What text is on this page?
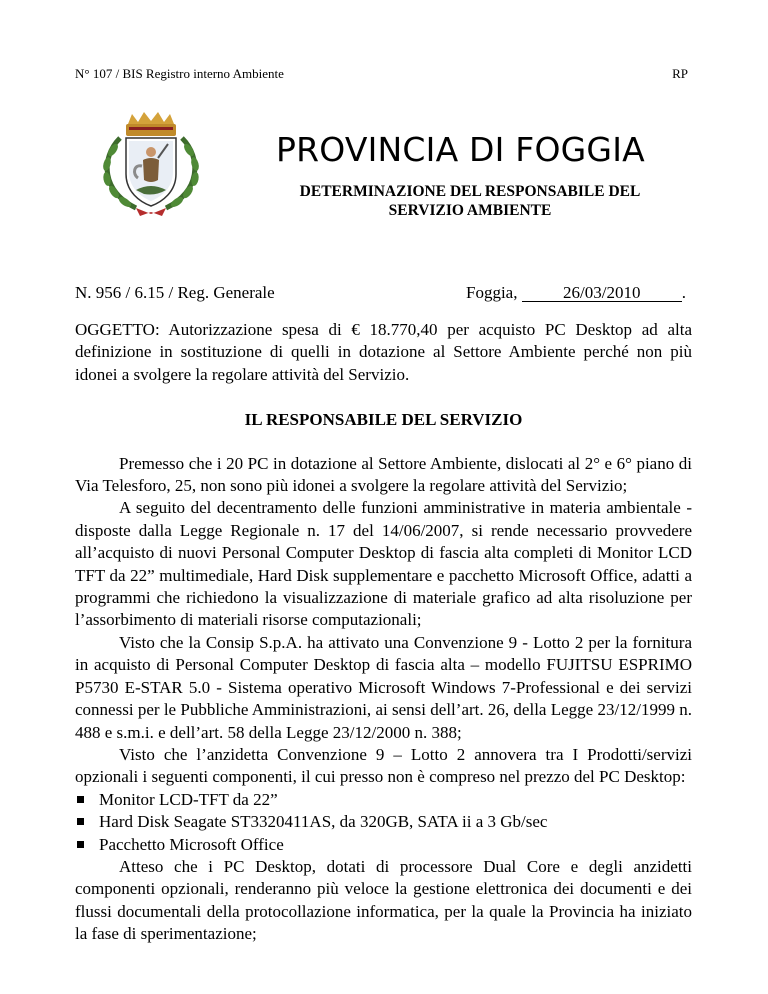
N° 107 / BIS Registro interno Ambiente	RP
PROVINCIA DI FOGGIA
DETERMINAZIONE DEL RESPONSABILE DEL
SERVIZIO AMBIENTE
N. 956 / 6.15 / Reg. Generale	Foggia, 26/03/2010 .

OGGETTO: Autorizzazione spesa di € 18.770,40 per acquisto PC Desktop ad alta definizione in sostituzione di quelli in dotazione al Settore Ambiente perché non più idonei a svolgere la regolare attività del Servizio.

IL RESPONSABILE DEL SERVIZIO

Premesso che i 20 PC in dotazione al Settore Ambiente, dislocati al 2° e 6° piano di Via Telesforo, 25, non sono più idonei a svolgere la regolare attività del Servizio;

A seguito del decentramento delle funzioni amministrative in materia ambientale - disposte dalla Legge Regionale n. 17 del 14/06/2007, si rende necessario provvedere all’acquisto di nuovi Personal Computer Desktop di fascia alta completi di Monitor LCD TFT da 22” multimediale, Hard Disk supplementare e pacchetto Microsoft Office, adatti a programmi che richiedono la visualizzazione di materiale grafico ad alta risoluzione per l’assorbimento di materiali risorse computazionali;

Visto che la Consip S.p.A. ha attivato una Convenzione 9 - Lotto 2 per la fornitura in acquisto di Personal Computer Desktop di fascia alta – modello FUJITSU ESPRIMO P5730 E-STAR 5.0 - Sistema operativo Microsoft Windows 7-Professional e dei servizi connessi per le Pubbliche Amministrazioni, ai sensi dell’art. 26, della Legge 23/12/1999 n. 488 e s.m.i. e dell’art. 58 della Legge 23/12/2000 n. 388;

Visto che l’anzidetta Convenzione 9 – Lotto 2 annovera tra I Prodotti/servizi opzionali i seguenti componenti, il cui presso non è compreso nel prezzo del PC Desktop:

Monitor LCD-TFT da 22”
Hard Disk Seagate ST3320411AS, da 320GB, SATA ii a 3 Gb/sec
Pacchetto Microsoft Office

Atteso che i PC Desktop, dotati di processore Dual Core e degli anzidetti componenti opzionali, renderanno più veloce la gestione elettronica dei documenti e dei flussi documentali della protocollazione informatica, per la quale la Provincia ha iniziato la fase di sperimentazione;
